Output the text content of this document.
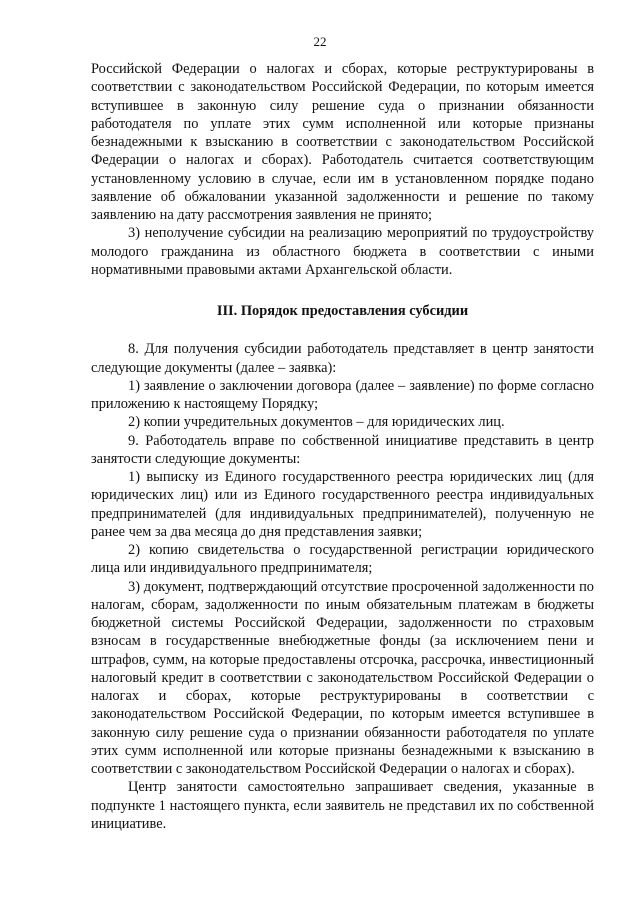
22

Российской Федерации о налогах и сборах, которые реструктурированы в соответствии с законодательством Российской Федерации, по которым имеется вступившее в законную силу решение суда о признании обязанности работодателя по уплате этих сумм исполненной или которые признаны безнадежными к взысканию в соответствии с законодательством Российской Федерации о налогах и сборах). Работодатель считается соответствующим установленному условию в случае, если им в установленном порядке подано заявление об обжаловании указанной задолженности и решение по такому заявлению на дату рассмотрения заявления не принято;

3) неполучение субсидии на реализацию мероприятий по трудоустройству молодого гражданина из областного бюджета в соответствии с иными нормативными правовыми актами Архангельской области.

III. Порядок предоставления субсидии

8. Для получения субсидии работодатель представляет в центр занятости следующие документы (далее – заявка):

1) заявление о заключении договора (далее – заявление) по форме согласно приложению к настоящему Порядку;

2) копии учредительных документов – для юридических лиц.

9. Работодатель вправе по собственной инициативе представить в центр занятости следующие документы:

1) выписку из Единого государственного реестра юридических лиц (для юридических лиц) или из Единого государственного реестра индивидуальных предпринимателей (для индивидуальных предпринимателей), полученную не ранее чем за два месяца до дня представления заявки;

2) копию свидетельства о государственной регистрации юридического лица или индивидуального предпринимателя;

3) документ, подтверждающий отсутствие просроченной задолженности по налогам, сборам, задолженности по иным обязательным платежам в бюджеты бюджетной системы Российской Федерации, задолженности по страховым взносам в государственные внебюджетные фонды (за исключением пени и штрафов, сумм, на которые предоставлены отсрочка, рассрочка, инвестиционный налоговый кредит в соответствии с законодательством Российской Федерации о налогах и сборах, которые реструктурированы в соответствии с законодательством Российской Федерации, по которым имеется вступившее в законную силу решение суда о признании обязанности работодателя по уплате этих сумм исполненной или которые признаны безнадежными к взысканию в соответствии с законодательством Российской Федерации о налогах и сборах).

Центр занятости самостоятельно запрашивает сведения, указанные в подпункте 1 настоящего пункта, если заявитель не представил их по собственной инициативе.
